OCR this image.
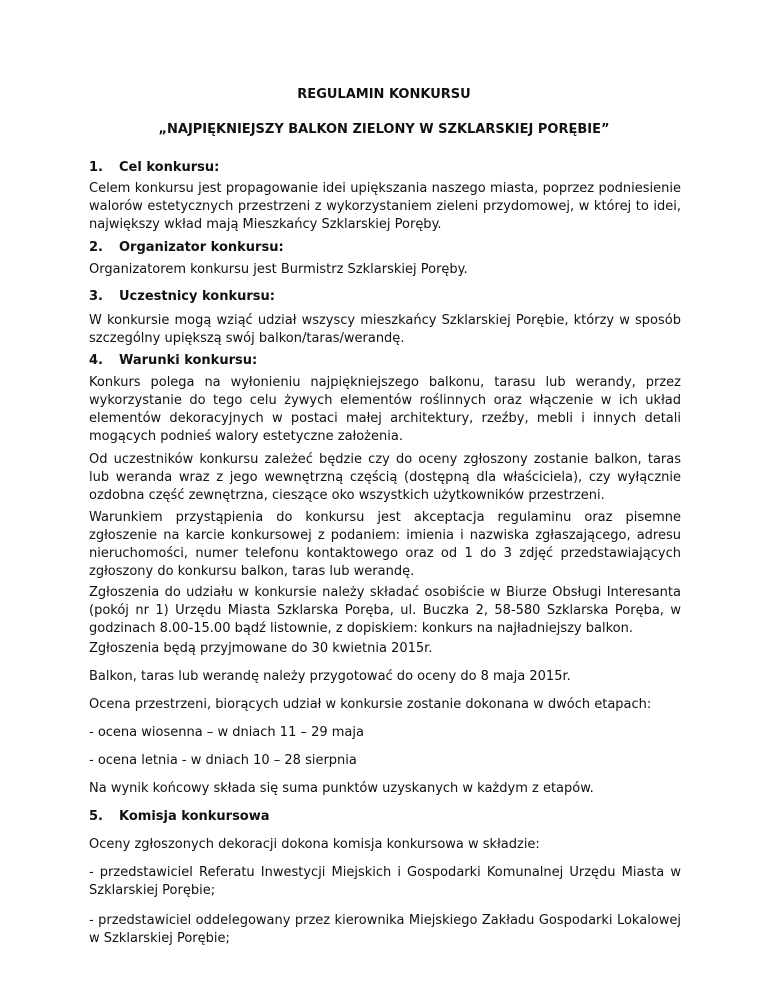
REGULAMIN KONKURSU
„NAJPIĘKNIEJSZY BALKON ZIELONY W SZKLARSKIEJ PORĘBIE”
1. Cel konkursu:
Celem konkursu jest propagowanie idei upiększania naszego miasta, poprzez podniesienie walorów estetycznych przestrzeni z wykorzystaniem zieleni przydomowej, w której to idei, największy wkład mają Mieszkańcy Szklarskiej Poręby.
2. Organizator konkursu:
Organizatorem konkursu jest Burmistrz Szklarskiej Poręby.
3. Uczestnicy konkursu:
W konkursie mogą wziąć udział wszyscy mieszkańcy Szklarskiej Porębie, którzy w sposób szczególny upiększą swój balkon/taras/werandę.
4. Warunki konkursu:
Konkurs polega na wyłonieniu najpiękniejszego balkonu, tarasu lub werandy, przez wykorzystanie do tego celu żywych elementów roślinnych oraz włączenie w ich układ elementów dekoracyjnych w postaci małej architektury, rzeźby, mebli i innych detali mogących podnieś walory estetyczne założenia.
Od uczestników konkursu zależeć będzie czy do oceny zgłoszony zostanie balkon, taras lub weranda wraz z jego wewnętrzną częścią (dostępną dla właściciela), czy wyłącznie ozdobna część zewnętrzna, cieszące oko wszystkich użytkowników przestrzeni.
Warunkiem przystąpienia do konkursu jest akceptacja regulaminu oraz pisemne zgłoszenie na karcie konkursowej z podaniem: imienia i nazwiska zgłaszającego, adresu nieruchomości, numer telefonu kontaktowego oraz od 1 do 3 zdjęć przedstawiających zgłoszony do konkursu balkon, taras lub werandę.
Zgłoszenia do udziału w konkursie należy składać osobiście w Biurze Obsługi Interesanta (pokój nr 1) Urzędu Miasta Szklarska Poręba, ul. Buczka 2, 58-580 Szklarska Poręba, w godzinach 8.00-15.00 bądź listownie, z dopiskiem: konkurs na najładniejszy balkon.
Zgłoszenia będą przyjmowane do 30 kwietnia 2015r.
Balkon, taras lub werandę należy przygotować do oceny do 8 maja 2015r.
Ocena przestrzeni, biorących udział w konkursie zostanie dokonana w dwóch etapach:
- ocena wiosenna – w dniach 11 – 29 maja
- ocena letnia - w dniach 10 – 28 sierpnia
Na wynik końcowy składa się suma punktów uzyskanych w każdym z etapów.
5. Komisja konkursowa
Oceny zgłoszonych dekoracji dokona komisja konkursowa w składzie:
- przedstawiciel Referatu Inwestycji Miejskich i Gospodarki Komunalnej Urzędu Miasta w Szklarskiej Porębie;
- przedstawiciel oddelegowany przez kierownika Miejskiego Zakładu Gospodarki Lokalowej w Szklarskiej Porębie;
